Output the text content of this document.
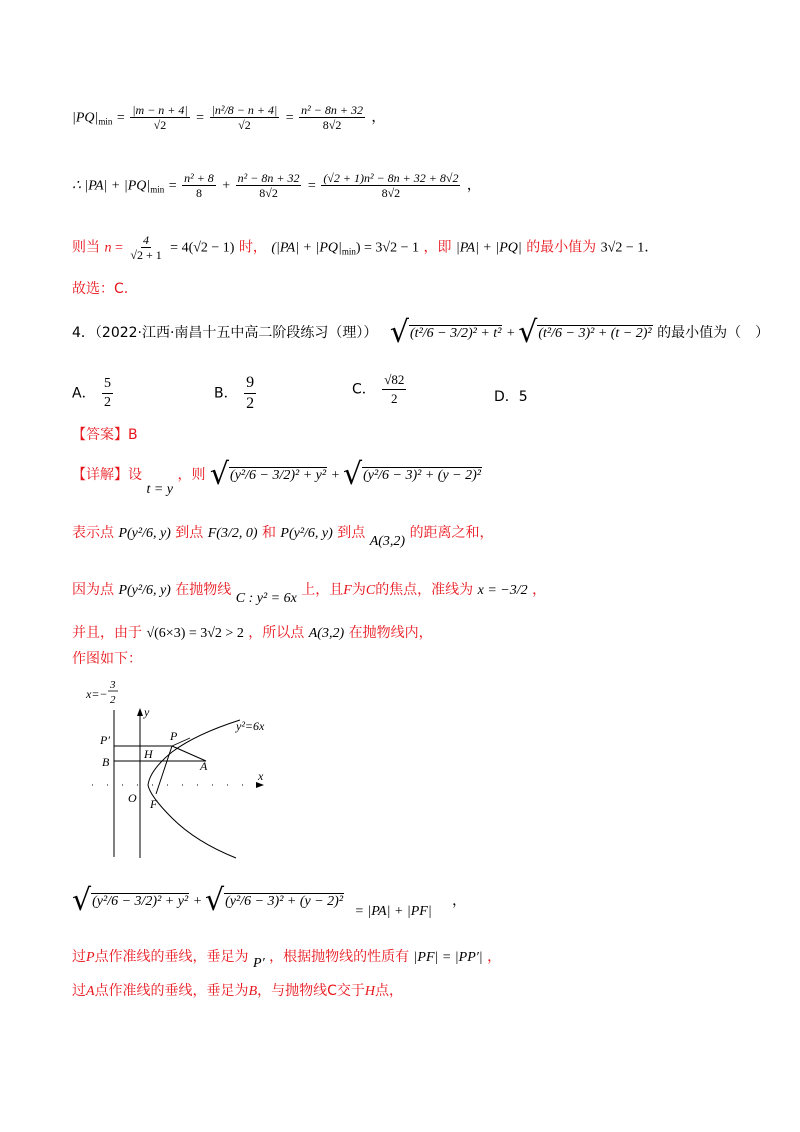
$|PQ|_{min} = \frac{|m - n + 4|}{√2} = \frac{\text{|n²/8 − n + 4|}}{√2} = \frac{\text{n² − 8n + 32}}{8√2}$ ，
∴ $|PA| + |PQ|_{min} = \frac{\text{n² + 8}}{8} + \frac{\text{n² − 8n + 32}}{8√2} = \frac{\text{(√2 + 1)n² − 8n + 32 + 8√2}}{8√2}$ ，
则当 $n = \frac{4}{√2 + 1} = 4(√2 - 1)$ 时， $(|PA| + |PQ|_{min}) = 3√2 - 1$ ，即 |PA| + |PQ| 的最小值为 3√2 − 1.
故选：C.
4．（2022·江西·南昌十五中高二阶段练习（理）） √(t²/6 − 3/2)² + t² + √(t²/6 − 3)² + (t − 2)² 的最小值为（　）
A． $\frac{5}{2}$	B． $\frac{9}{2}$	C． $\frac{√82}{2}$	D．5
【答案】B
【详解】设 t = y ，则 √(y²/6 − 3/2)² + y² + √(y²/6 − 3)² + (y − 2)²
表示点 P(y²/6, y) 到点 F(3/2, 0) 和 P(y²/6, y) 到点 A(3,2) 的距离之和，
因为点 P(y²/6, y) 在抛物线 C : y² = 6x 上，且F为C的焦点，准线为 x = −3/2 ，
并且，由于 √(6×3) = 3√2 > 2 ，所以点 A(3,2) 在抛物线内，
作图如下：
x=−
3
2
y
x
y²=6x
P
P′
H
B	A
O F
√(y²/6 − 3/2)² + y² + √(y²/6 − 3)² + (y − 2)² = |PA| + |PF| ，
过P点作准线的垂线，垂足为 P′ ，根据抛物线的性质有 |PF| = |PP′| ，
过A点作准线的垂线，垂足为B，与抛物线C交于H点，
